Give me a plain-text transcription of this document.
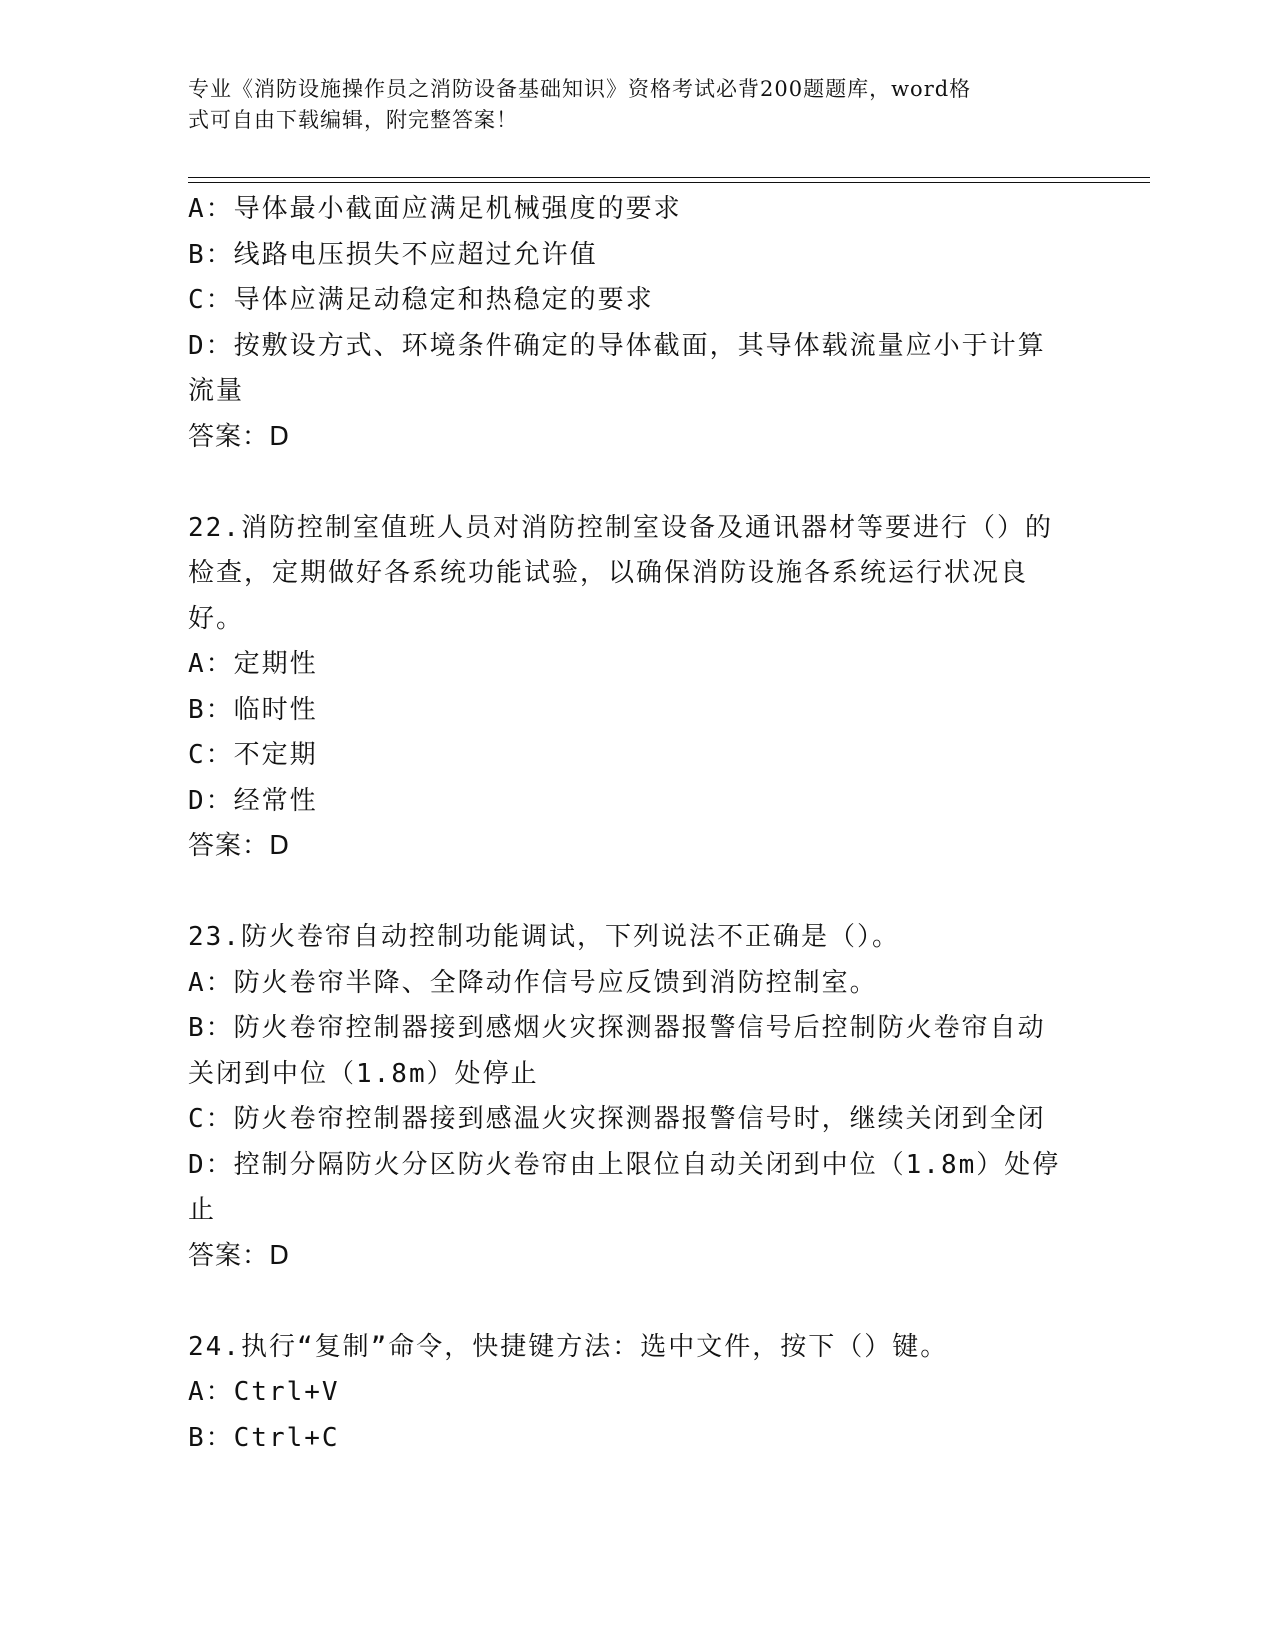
专业《消防设施操作员之消防设备基础知识》资格考试必背200题题库，word格
式可自由下载编辑，附完整答案！
A：导体最小截面应满足机械强度的要求
B：线路电压损失不应超过允许值
C：导体应满足动稳定和热稳定的要求
D：按敷设方式、环境条件确定的导体截面，其导体载流量应小于计算
流量
答案：D
22.消防控制室值班人员对消防控制室设备及通讯器材等要进行（）的
检查，定期做好各系统功能试验，以确保消防设施各系统运行状况良
好。
A：定期性
B：临时性
C：不定期
D：经常性
答案：D
23.防火卷帘自动控制功能调试，下列说法不正确是（）。
A：防火卷帘半降、全降动作信号应反馈到消防控制室。
B：防火卷帘控制器接到感烟火灾探测器报警信号后控制防火卷帘自动
关闭到中位（1.8m）处停止
C：防火卷帘控制器接到感温火灾探测器报警信号时，继续关闭到全闭
D：控制分隔防火分区防火卷帘由上限位自动关闭到中位（1.8m）处停
止
答案：D
24.执行“复制”命令，快捷键方法：选中文件，按下（）键。
A：Ctrl+V
B：Ctrl+C
